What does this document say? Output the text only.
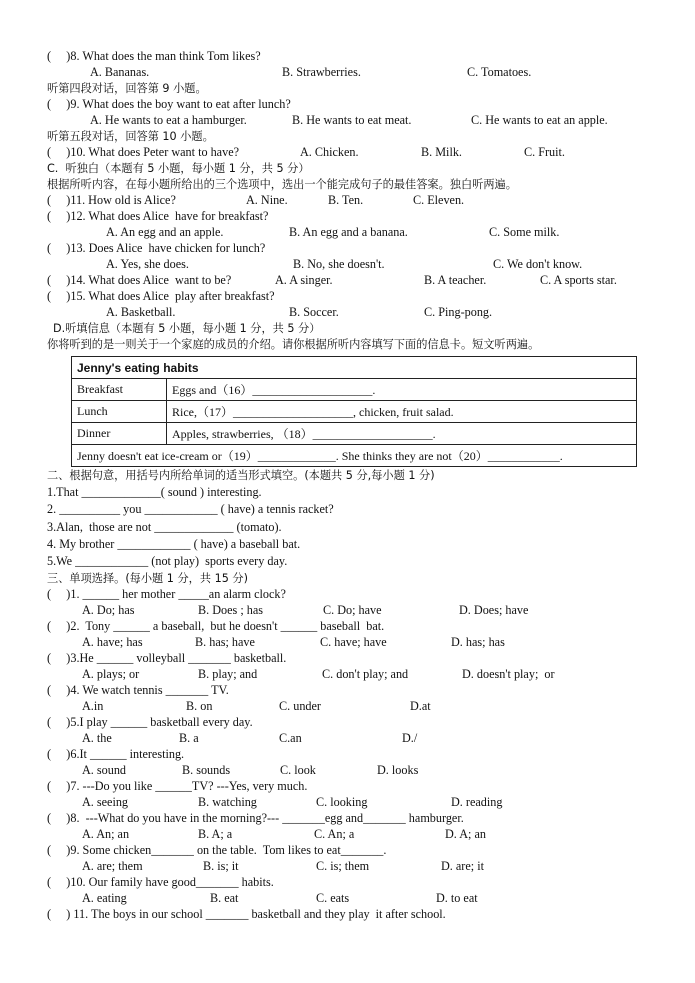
(     )8. What does the man think Tom likes?
A. Bananas.	B. Strawberries.	C. Tomatoes.
听第四段对话，回答第 9 小题。
(     )9. What does the boy want to eat after lunch?
A. He wants to eat a hamburger.	B. He wants to eat meat.	C. He wants to eat an apple.
听第五段对话，回答第 10 小题。
(     )10. What does Peter want to have?	A. Chicken.	B. Milk.	C. Fruit.
C.  听独白（本题有 5 小题，每小题 1 分，共 5 分）
根据所听内容，在每小题所给出的三个选项中，选出一个能完成句子的最佳答案。独白听两遍。
(     )11. How old is Alice?	A. Nine.	B. Ten.	C. Eleven.
(     )12. What does Alice  have for breakfast?
A. An egg and an apple.	B. An egg and a banana.	C. Some milk.
(     )13. Does Alice  have chicken for lunch?
A. Yes, she does.	B. No, she doesn't.	C. We don't know.
(     )14. What does Alice  want to be?	A. A singer.	B. A teacher.	C. A sports star.
(     )15. What does Alice  play after breakfast?
A. Basketball.	B. Soccer.	C. Ping-pong.
D.听填信息（本题有 5 小题，每小题 1 分，共 5 分）
你将听到的是一则关于一个家庭的成员的介绍。请你根据所听内容填写下面的信息卡。短文听两遍。
Jenny's eating habits	
Breakfast	Eggs and（16）____________________.
Lunch	Rice,（17）____________________, chicken, fruit salad.
Dinner	Apples, strawberries, （18）____________________.
Jenny doesn't eat ice-cream or（19）_____________. She thinks they are not（20）____________.	
二、根据句意，用括号内所给单词的适当形式填空。(本题共 5 分,每小题 1 分)
1.That _____________( sound ) interesting.
2. __________ you ____________ ( have) a tennis racket?
3.Alan,  those are not _____________ (tomato).
4. My brother ____________ ( have) a baseball bat.
5.We ____________ (not play)  sports every day.
三、单项选择。(每小题 1 分，共 15 分)
(     )1. ______ her mother _____an alarm clock?
A. Do; has	B. Does ; has	C. Do; have	D. Does; have
(     )2.  Tony ______ a baseball,  but he doesn't ______ baseball  bat.
A. have; has	B. has; have	C. have; have	D. has; has
(     )3.He ______ volleyball _______ basketball.
A. plays; or	B. play; and	C. don't play; and	D. doesn't play;  or
(     )4. We watch tennis _______ TV.
A.in	B. on	C. under	D.at
(     )5.I play ______ basketball every day.
A. the	B. a	C.an	D./
(     )6.It ______ interesting.
A. sound	B. sounds	C. look	D. looks
(     )7. ---Do you like ______TV? ---Yes, very much.
A. seeing	B. watching	C. looking	D. reading
(     )8.  ---What do you have in the morning?--- _______egg and_______ hamburger.
A. An; an	B. A; a	C. An; a	D. A; an
(     )9. Some chicken_______ on the table.  Tom likes to eat_______.
A. are; them	B. is; it	C. is; them	D. are; it
(     )10. Our family have good_______ habits.
A. eating	B. eat	C. eats	D. to eat
(     ) 11. The boys in our school _______ basketball and they play  it after school.
